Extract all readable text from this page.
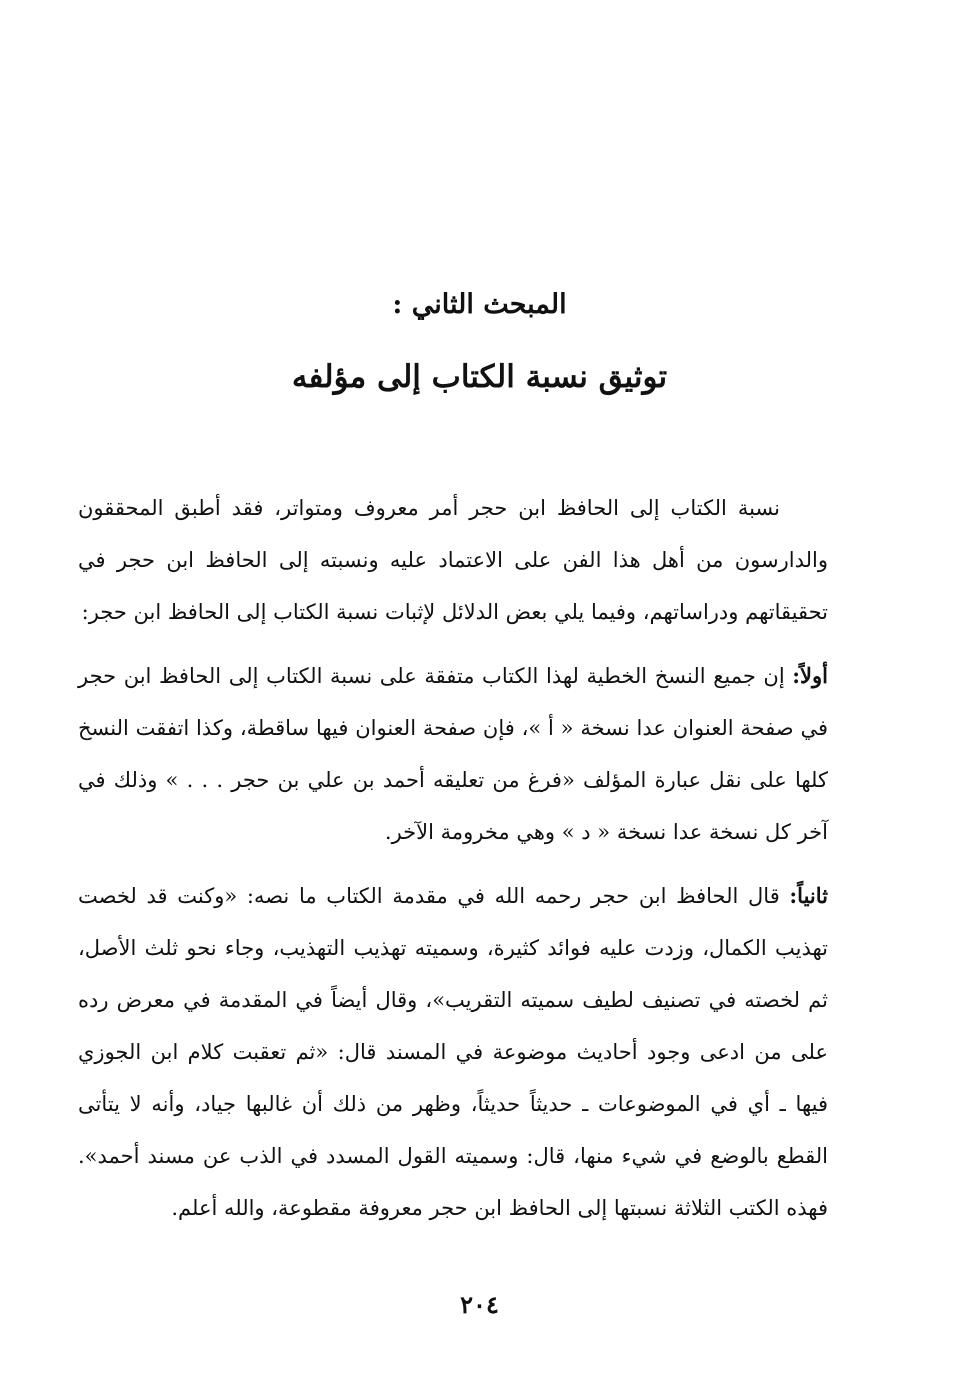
المبحث الثاني :
توثيق نسبة الكتاب إلى مؤلفه

نسبة الكتاب إلى الحافظ ابن حجر أمر معروف ومتواتر، فقد أطبق المحققون والدارسون من أهل هذا الفن على الاعتماد عليه ونسبته إلى الحافظ ابن حجر في تحقيقاتهم ودراساتهم، وفيما يلي بعض الدلائل لإثبات نسبة الكتاب إلى الحافظ ابن حجر:

أولاً: إن جميع النسخ الخطية لهذا الكتاب متفقة على نسبة الكتاب إلى الحافظ ابن حجر في صفحة العنوان عدا نسخة « أ »، فإن صفحة العنوان فيها ساقطة، وكذا اتفقت النسخ كلها على نقل عبارة المؤلف «فرغ من تعليقه أحمد بن علي بن حجر . . . » وذلك في آخر كل نسخة عدا نسخة « د » وهي مخرومة الآخر.

ثانياً: قال الحافظ ابن حجر رحمه الله في مقدمة الكتاب ما نصه: «وكنت قد لخصت تهذيب الكمال، وزدت عليه فوائد كثيرة، وسميته تهذيب التهذيب، وجاء نحو ثلث الأصل، ثم لخصته في تصنيف لطيف سميته التقريب»، وقال أيضاً في المقدمة في معرض رده على من ادعى وجود أحاديث موضوعة في المسند قال: «ثم تعقبت كلام ابن الجوزي فيها ـ أي في الموضوعات ـ حديثاً حديثاً، وظهر من ذلك أن غالبها جياد، وأنه لا يتأتى القطع بالوضع في شيء منها، قال: وسميته القول المسدد في الذب عن مسند أحمد». فهذه الكتب الثلاثة نسبتها إلى الحافظ ابن حجر معروفة مقطوعة، والله أعلم.

٢٠٤
